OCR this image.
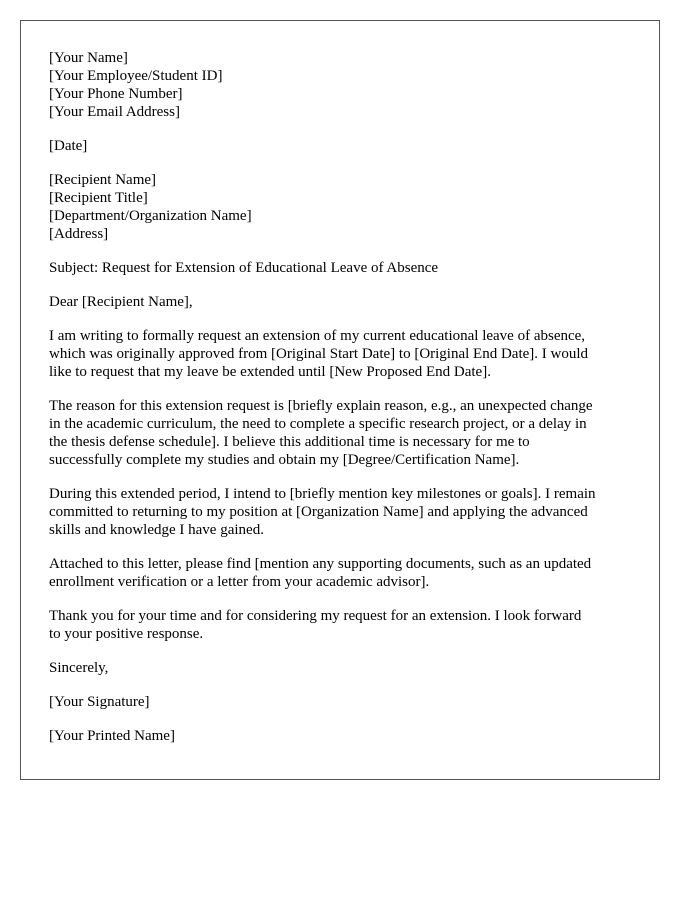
[Your Name]
[Your Employee/Student ID]
[Your Phone Number]
[Your Email Address]
[Date]
[Recipient Name]
[Recipient Title]
[Department/Organization Name]
[Address]
Subject: Request for Extension of Educational Leave of Absence
Dear [Recipient Name],
I am writing to formally request an extension of my current educational leave of absence,
which was originally approved from [Original Start Date] to [Original End Date]. I would
like to request that my leave be extended until [New Proposed End Date].
The reason for this extension request is [briefly explain reason, e.g., an unexpected change
in the academic curriculum, the need to complete a specific research project, or a delay in
the thesis defense schedule]. I believe this additional time is necessary for me to
successfully complete my studies and obtain my [Degree/Certification Name].
During this extended period, I intend to [briefly mention key milestones or goals]. I remain
committed to returning to my position at [Organization Name] and applying the advanced
skills and knowledge I have gained.
Attached to this letter, please find [mention any supporting documents, such as an updated
enrollment verification or a letter from your academic advisor].
Thank you for your time and for considering my request for an extension. I look forward
to your positive response.
Sincerely,
[Your Signature]
[Your Printed Name]
